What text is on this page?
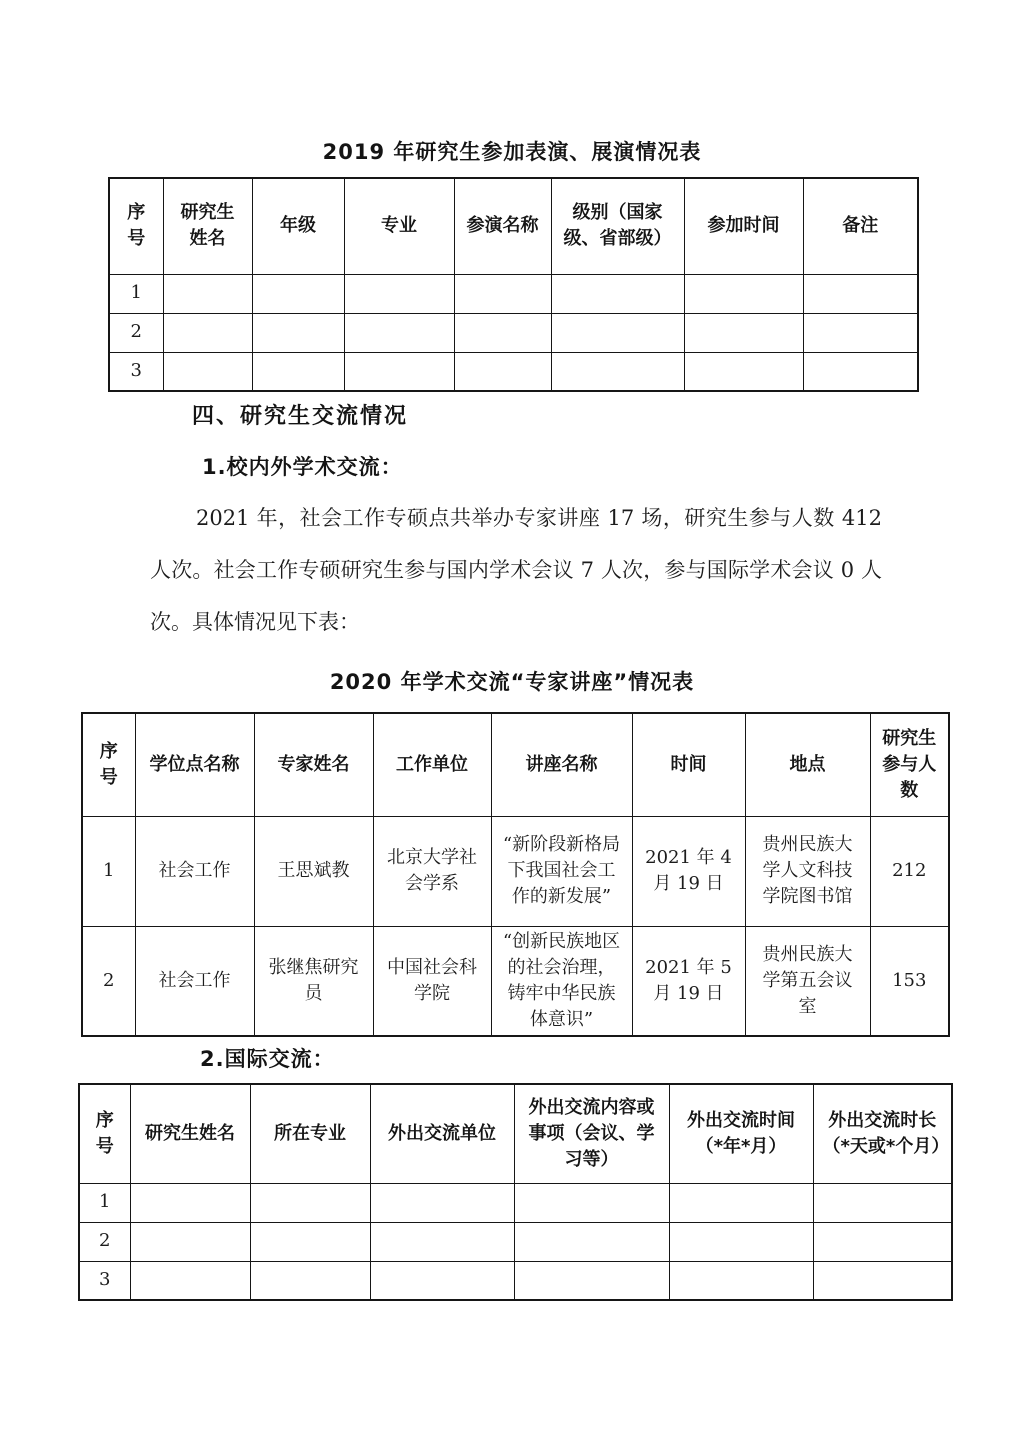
2019 年研究生参加表演、展演情况表
序号	研究生姓名	年级	专业	参演名称	级别（国家级、省部级）	参加时间	备注
1							
2							
3							
四、研究生交流情况
1.校内外学术交流：
2021 年，社会工作专硕点共举办专家讲座 17 场，研究生参与人数 412 人次。社会工作专硕研究生参与国内学术会议 7 人次，参与国际学术会议 0 人次。具体情况见下表：
2020 年学术交流“专家讲座”情况表
序号	学位点名称	专家姓名	工作单位	讲座名称	时间	地点	研究生参与人数
1	社会工作	王思斌教	北京大学社会学系	“新阶段新格局下我国社会工作的新发展”	2021 年 4 月 19 日	贵州民族大学人文科技学院图书馆	212
2	社会工作	张继焦研究员	中国社会科学院	“创新民族地区的社会治理，铸牢中华民族体意识”	2021 年 5 月 19 日	贵州民族大学第五会议室	153
2.国际交流：
序号	研究生姓名	所在专业	外出交流单位	外出交流内容或事项（会议、学习等）	外出交流时间（*年*月）	外出交流时长（*天或*个月）
1						
2						
3						
